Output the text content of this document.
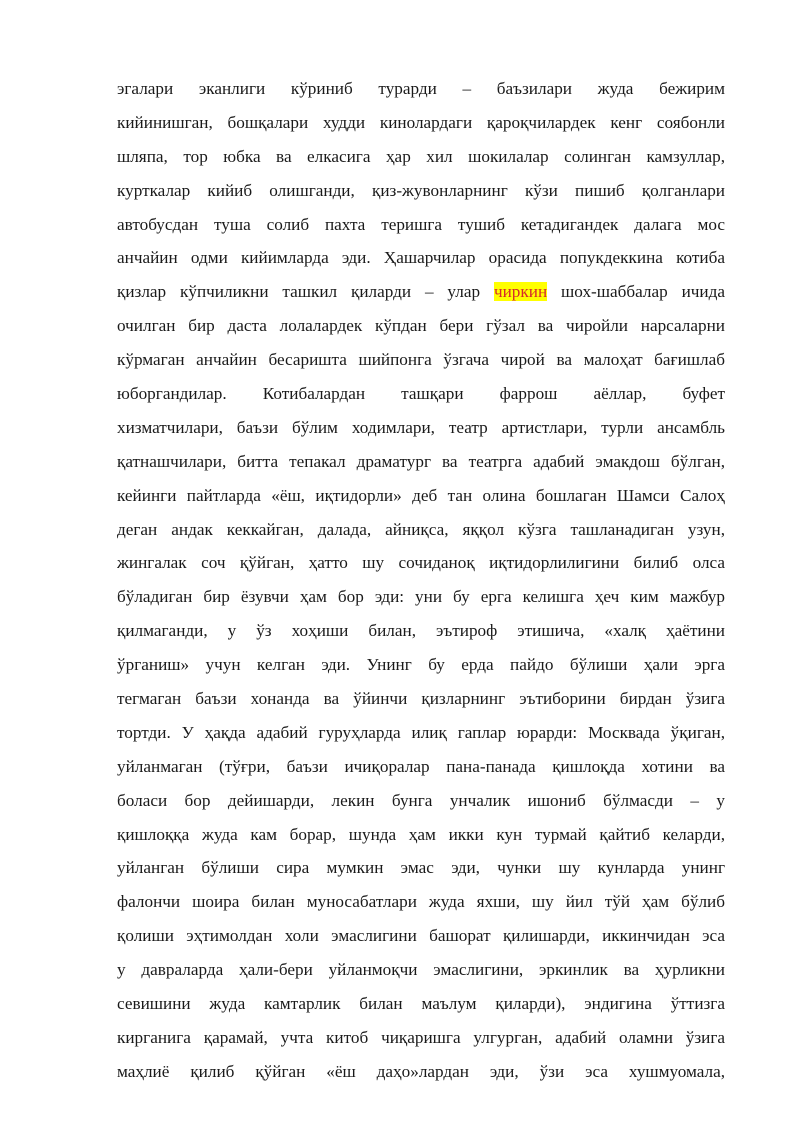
эгалари эканлиги кўриниб турарди – баъзилари жуда бежирим
кийинишган, бошқалари худди кинолардаги қароқчилардек кенг соябонли
шляпа, тор юбка ва елкасига ҳар хил шокилалар солинган камзуллар,
курткалар кийиб олишганди, қиз-жувонларнинг кўзи пишиб қолганлари
автобусдан туша солиб пахта теришга тушиб кетадигандек далага мос
анчайин одми кийимларда эди. Ҳашарчилар орасида попукдеккина котиба
қизлар кўпчиликни ташкил қиларди – улар чиркин шох-шаббалар ичида
очилган бир даста лолалардек кўпдан бери гўзал ва чиройли нарсаларни
кўрмаган анчайин бесаришта шийпонга ўзгача чирой ва малоҳат бағишлаб
юборгандилар. Котибалардан ташқари фаррош аёллар, буфет
хизматчилари, баъзи бўлим ходимлари, театр артистлари, турли ансамбль
қатнашчилари, битта тепакал драматург ва театрга адабий эмакдош бўлган,
кейинги пайтларда «ёш, иқтидорли» деб тан олина бошлаган Шамси Салоҳ
деган андак кеккайган, далада, айниқса, яққол кўзга ташланадиган узун,
жингалак соч қўйган, ҳатто шу сочиданоқ иқтидорлилигини билиб олса
бўладиган бир ёзувчи ҳам бор эди: уни бу ерга келишга ҳеч ким мажбур
қилмаганди, у ўз хоҳиши билан, эътироф этишича, «халқ ҳаётини
ўрганиш» учун келган эди. Унинг бу ерда пайдо бўлиши ҳали эрга
тегмаган баъзи хонанда ва ўйинчи қизларнинг эътиборини бирдан ўзига
тортди. У ҳақда адабий гуруҳларда илиқ гаплар юрарди: Москвада ўқиган,
уйланмаган (тўғри, баъзи ичиқоралар пана-панада қишлоқда хотини ва
боласи бор дейишарди, лекин бунга унчалик ишониб бўлмасди – у
қишлоққа жуда кам борар, шунда ҳам икки кун турмай қайтиб келарди,
уйланган бўлиши сира мумкин эмас эди, чунки шу кунларда унинг
фалончи шоира билан муносабатлари жуда яхши, шу йил тўй ҳам бўлиб
қолиши эҳтимолдан холи эмаслигини башорат қилишарди, иккинчидан эса
у давраларда ҳали-бери уйланмоқчи эмаслигини, эркинлик ва ҳурликни
севишини жуда камтарлик билан маълум қиларди), эндигина ўттизга
кирганига қарамай, учта китоб чиқаришга улгурган, адабий оламни ўзига
маҳлиё қилиб қўйган «ёш даҳо»лардан эди, ўзи эса хушмуомала,
